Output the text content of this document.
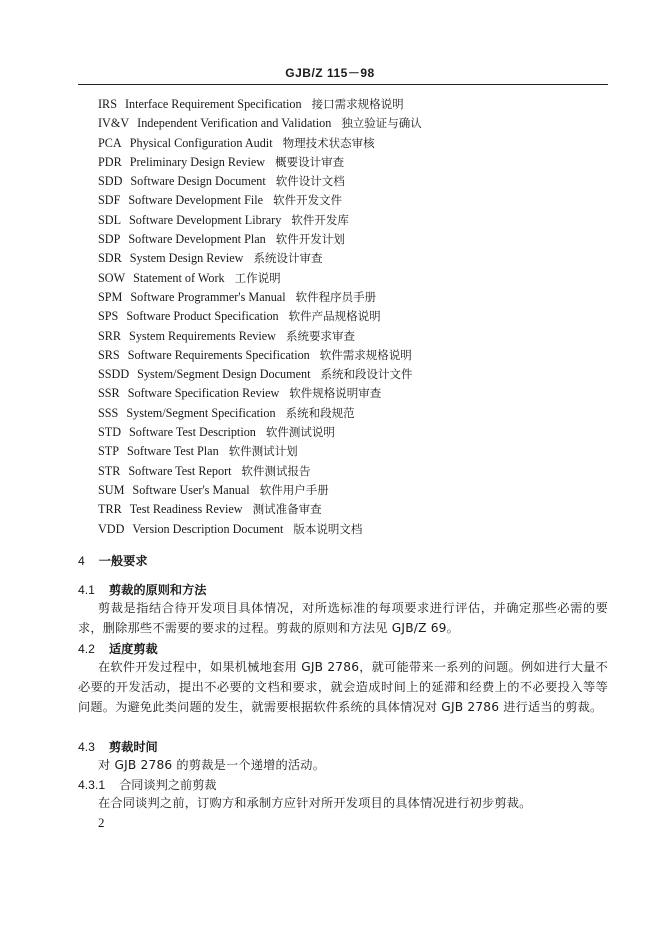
GJB/Z 115－98
IRS Interface Requirement Specification 接口需求规格说明
IV&V Independent Verification and Validation 独立验证与确认
PCA Physical Configuration Audit 物理技术状态审核
PDR Preliminary Design Review 概要设计审查
SDD Software Design Document 软件设计文档
SDF Software Development File 软件开发文件
SDL Software Development Library 软件开发库
SDP Software Development Plan 软件开发计划
SDR System Design Review 系统设计审查
SOW Statement of Work 工作说明
SPM Software Programmer's Manual 软件程序员手册
SPS Software Product Specification 软件产品规格说明
SRR System Requirements Review 系统要求审查
SRS Software Requirements Specification 软件需求规格说明
SSDD System/Segment Design Document 系统和段设计文件
SSR Software Specification Review 软件规格说明审查
SSS System/Segment Specification 系统和段规范
STD Software Test Description 软件测试说明
STP Software Test Plan 软件测试计划
STR Software Test Report 软件测试报告
SUM Software User's Manual 软件用户手册
TRR Test Readiness Review 测试准备审查
VDD Version Description Document 版本说明文档
4 一般要求
4.1 剪裁的原则和方法
剪裁是指结合待开发项目具体情况，对所选标准的每项要求进行评估，并确定那些必需的要求，删除那些不需要的要求的过程。剪裁的原则和方法见 GJB/Z 69。
4.2 适度剪裁
在软件开发过程中，如果机械地套用 GJB 2786，就可能带来一系列的问题。例如进行大量不必要的开发活动，提出不必要的文档和要求，就会造成时间上的延滞和经费上的不必要投入等等问题。为避免此类问题的发生，就需要根据软件系统的具体情况对 GJB 2786 进行适当的剪裁。
4.3 剪裁时间
对 GJB 2786 的剪裁是一个递增的活动。
4.3.1 合同谈判之前剪裁
在合同谈判之前，订购方和承制方应针对所开发项目的具体情况进行初步剪裁。
2
